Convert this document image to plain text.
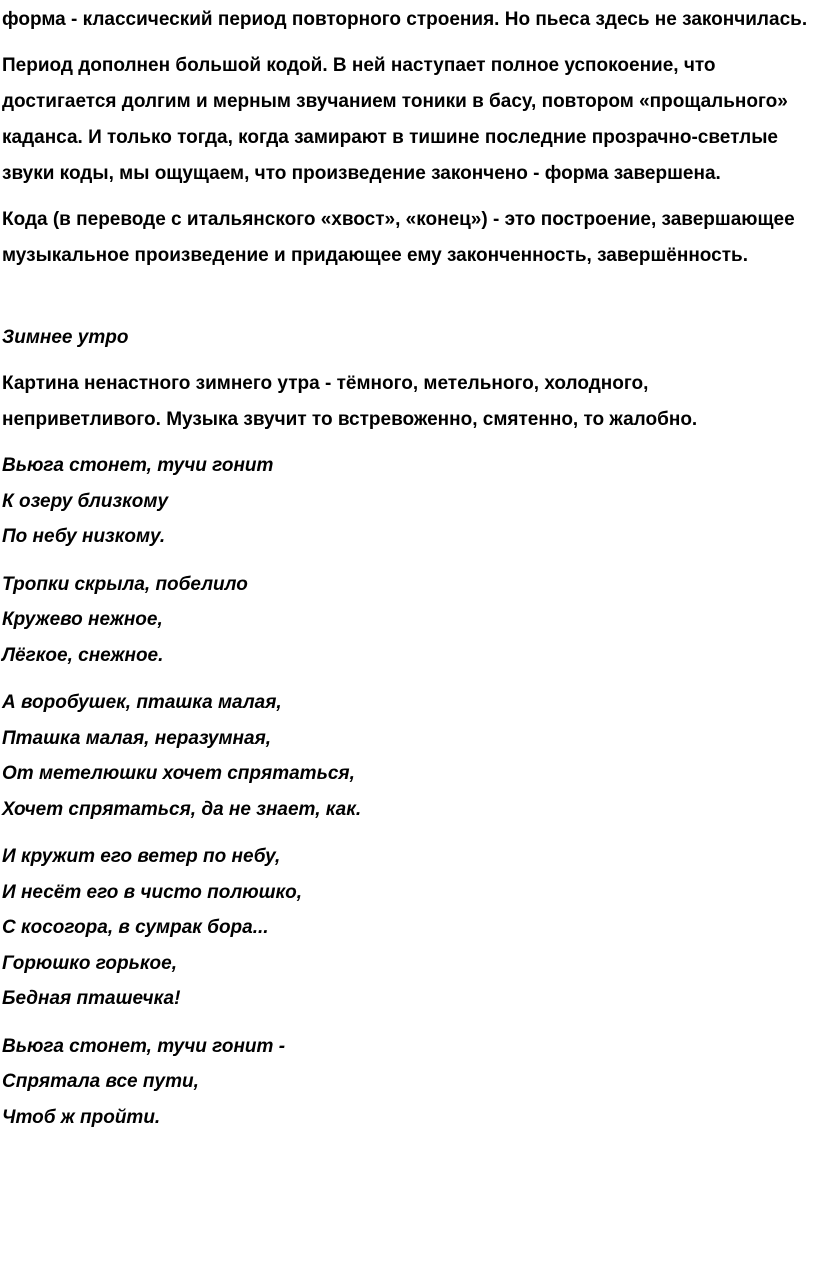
форма - классический период повторного строения. Но пьеса здесь не закончилась.

Период дополнен большой кодой. В ней наступает полное успокоение, что достигается долгим и мерным звучанием тоники в басу, повтором «прощального» каданса. И только тогда, когда замирают в тишине последние прозрачно-светлые звуки коды, мы ощущаем, что произведение закончено - форма завершена.

Кода (в переводе с итальянского «хвост», «конец») - это построение, завершающее музыкальное произведение и придающее ему законченность, завершённость.

Зимнее утро

Картина ненастного зимнего утра - тёмного, метельного, холодного, неприветливого. Музыка звучит то встревоженно, смятенно, то жалобно.

Вьюга стонет, тучи гонит

К озеру близкому

По небу низкому.

Тропки скрыла, побелило

Кружево нежное,

Лёгкое, снежное.

А воробушек, пташка малая,

Пташка малая, неразумная,

От метелюшки хочет спрятаться,

Хочет спрятаться, да не знает, как.

И кружит его ветер по небу,

И несёт его в чисто полюшко,

С косогора, в сумрак бора...

Горюшко горькое,

Бедная пташечка!

Вьюга стонет, тучи гонит -

Спрятала все пути,

Чтоб ж пройти.
